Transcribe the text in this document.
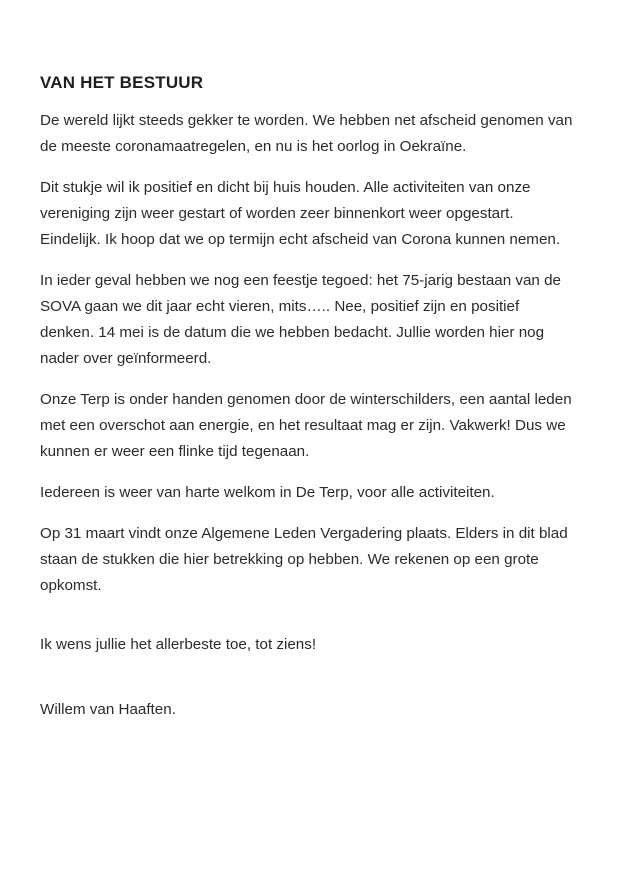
VAN HET BESTUUR

De wereld lijkt steeds gekker te worden. We hebben net afscheid genomen van de meeste coronamaatregelen, en nu is het oorlog in Oekraïne.

Dit stukje wil ik positief en dicht bij huis houden. Alle activiteiten van onze vereniging zijn weer gestart of worden zeer binnenkort weer opgestart. Eindelijk. Ik hoop dat we op termijn echt afscheid van Corona kunnen nemen.

In ieder geval hebben we nog een feestje tegoed: het 75-jarig bestaan van de SOVA gaan we dit jaar echt vieren, mits….. Nee, positief zijn en positief denken. 14 mei is de datum die we hebben bedacht. Jullie worden hier nog nader over geïnformeerd.

Onze Terp is onder handen genomen door de winterschilders, een aantal leden met een overschot aan energie, en het resultaat mag er zijn. Vakwerk! Dus we kunnen er weer een flinke tijd tegenaan.

Iedereen is weer van harte welkom in De Terp, voor alle activiteiten.

Op 31 maart vindt onze Algemene Leden Vergadering plaats. Elders in dit blad staan de stukken die hier betrekking op hebben. We rekenen op een grote opkomst.

Ik wens jullie het allerbeste toe, tot ziens!

Willem van Haaften.
